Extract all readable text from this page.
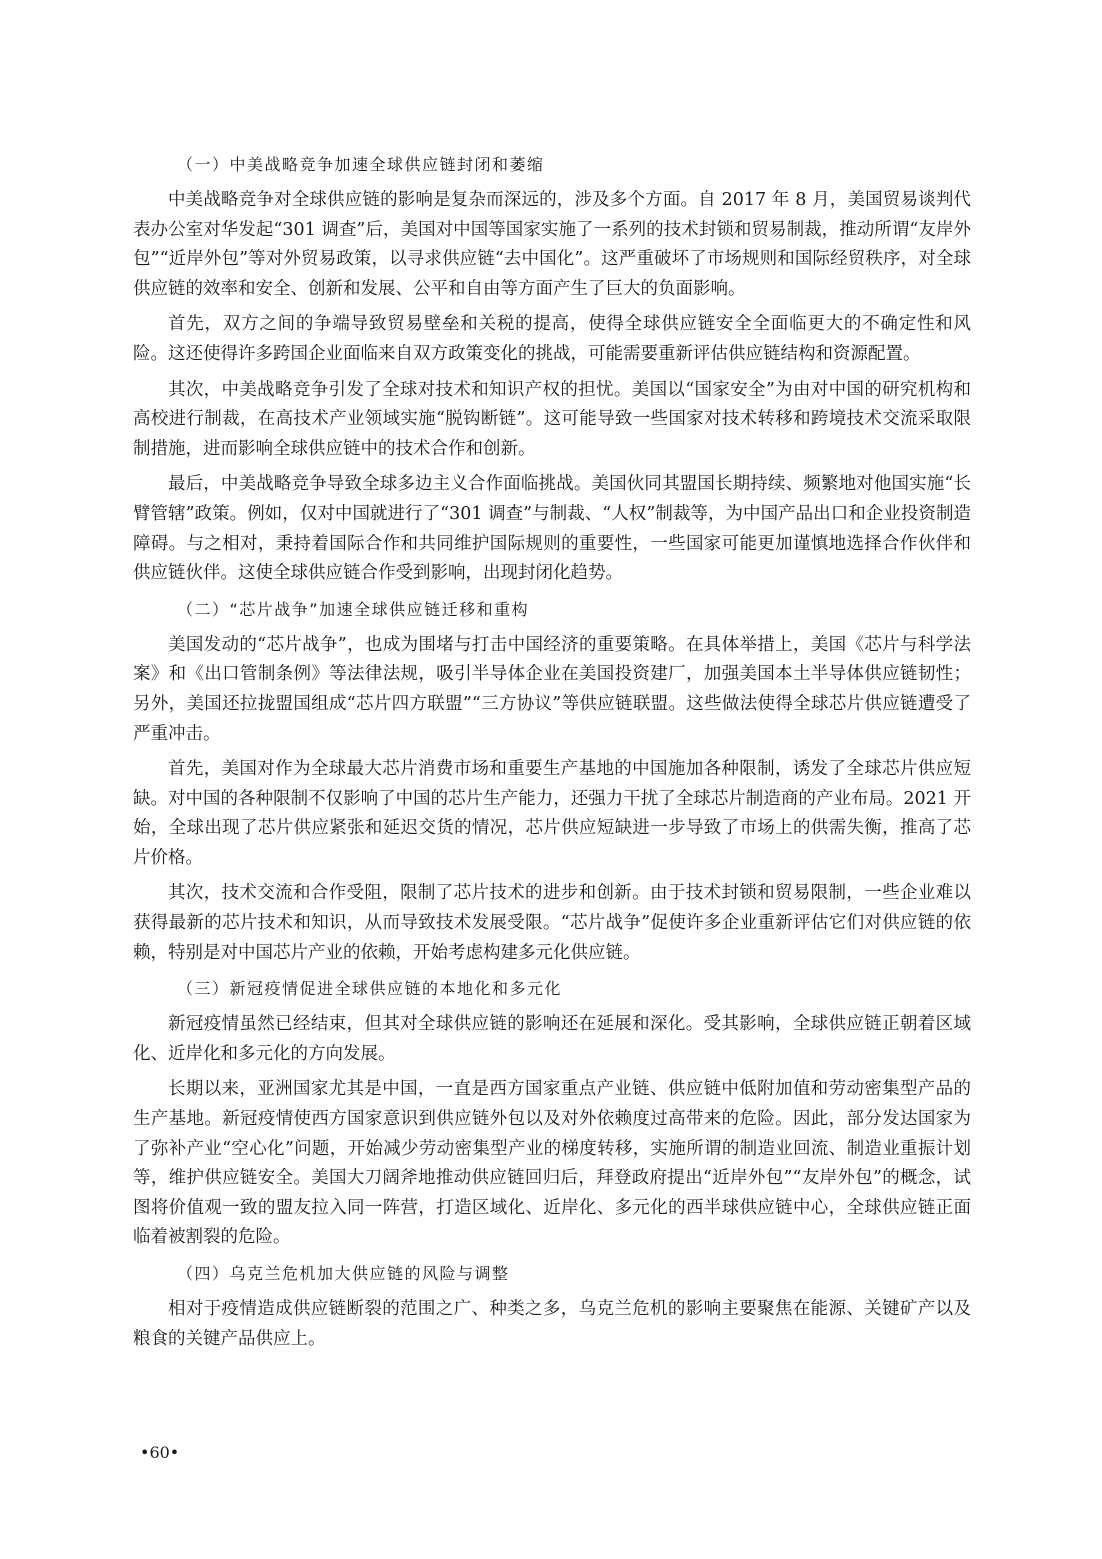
（一）中美战略竞争加速全球供应链封闭和萎缩

中美战略竞争对全球供应链的影响是复杂而深远的，涉及多个方面。自 2017 年 8 月，美国贸易谈判代表办公室对华发起“301 调查”后，美国对中国等国家实施了一系列的技术封锁和贸易制裁，推动所谓“友岸外包”“近岸外包”等对外贸易政策，以寻求供应链“去中国化”。这严重破坏了市场规则和国际经贸秩序，对全球供应链的效率和安全、创新和发展、公平和自由等方面产生了巨大的负面影响。

首先，双方之间的争端导致贸易壁垒和关税的提高，使得全球供应链安全全面临更大的不确定性和风险。这还使得许多跨国企业面临来自双方政策变化的挑战，可能需要重新评估供应链结构和资源配置。

其次，中美战略竞争引发了全球对技术和知识产权的担忧。美国以“国家安全”为由对中国的研究机构和高校进行制裁，在高技术产业领域实施“脱钩断链”。这可能导致一些国家对技术转移和跨境技术交流采取限制措施，进而影响全球供应链中的技术合作和创新。

最后，中美战略竞争导致全球多边主义合作面临挑战。美国伙同其盟国长期持续、频繁地对他国实施“长臂管辖”政策。例如，仅对中国就进行了“301 调查”与制裁、“人权”制裁等，为中国产品出口和企业投资制造障碍。与之相对，秉持着国际合作和共同维护国际规则的重要性，一些国家可能更加谨慎地选择合作伙伴和供应链伙伴。这使全球供应链合作受到影响，出现封闭化趋势。

（二）“芯片战争”加速全球供应链迁移和重构

美国发动的“芯片战争”，也成为围堵与打击中国经济的重要策略。在具体举措上，美国《芯片与科学法案》和《出口管制条例》等法律法规，吸引半导体企业在美国投资建厂，加强美国本土半导体供应链韧性；另外，美国还拉拢盟国组成“芯片四方联盟”“三方协议”等供应链联盟。这些做法使得全球芯片供应链遭受了严重冲击。

首先，美国对作为全球最大芯片消费市场和重要生产基地的中国施加各种限制，诱发了全球芯片供应短缺。对中国的各种限制不仅影响了中国的芯片生产能力，还强力干扰了全球芯片制造商的产业布局。2021 开始，全球出现了芯片供应紧张和延迟交货的情况，芯片供应短缺进一步导致了市场上的供需失衡，推高了芯片价格。

其次，技术交流和合作受阻，限制了芯片技术的进步和创新。由于技术封锁和贸易限制，一些企业难以获得最新的芯片技术和知识，从而导致技术发展受限。“芯片战争”促使许多企业重新评估它们对供应链的依赖，特别是对中国芯片产业的依赖，开始考虑构建多元化供应链。

（三）新冠疫情促进全球供应链的本地化和多元化

新冠疫情虽然已经结束，但其对全球供应链的影响还在延展和深化。受其影响，全球供应链正朝着区域化、近岸化和多元化的方向发展。

长期以来，亚洲国家尤其是中国，一直是西方国家重点产业链、供应链中低附加值和劳动密集型产品的生产基地。新冠疫情使西方国家意识到供应链外包以及对外依赖度过高带来的危险。因此，部分发达国家为了弥补产业“空心化”问题，开始减少劳动密集型产业的梯度转移，实施所谓的制造业回流、制造业重振计划等，维护供应链安全。美国大刀阔斧地推动供应链回归后，拜登政府提出“近岸外包”“友岸外包”的概念，试图将价值观一致的盟友拉入同一阵营，打造区域化、近岸化、多元化的西半球供应链中心，全球供应链正面临着被割裂的危险。

（四）乌克兰危机加大供应链的风险与调整

相对于疫情造成供应链断裂的范围之广、种类之多，乌克兰危机的影响主要聚焦在能源、关键矿产以及粮食的关键产品供应上。

•60•
